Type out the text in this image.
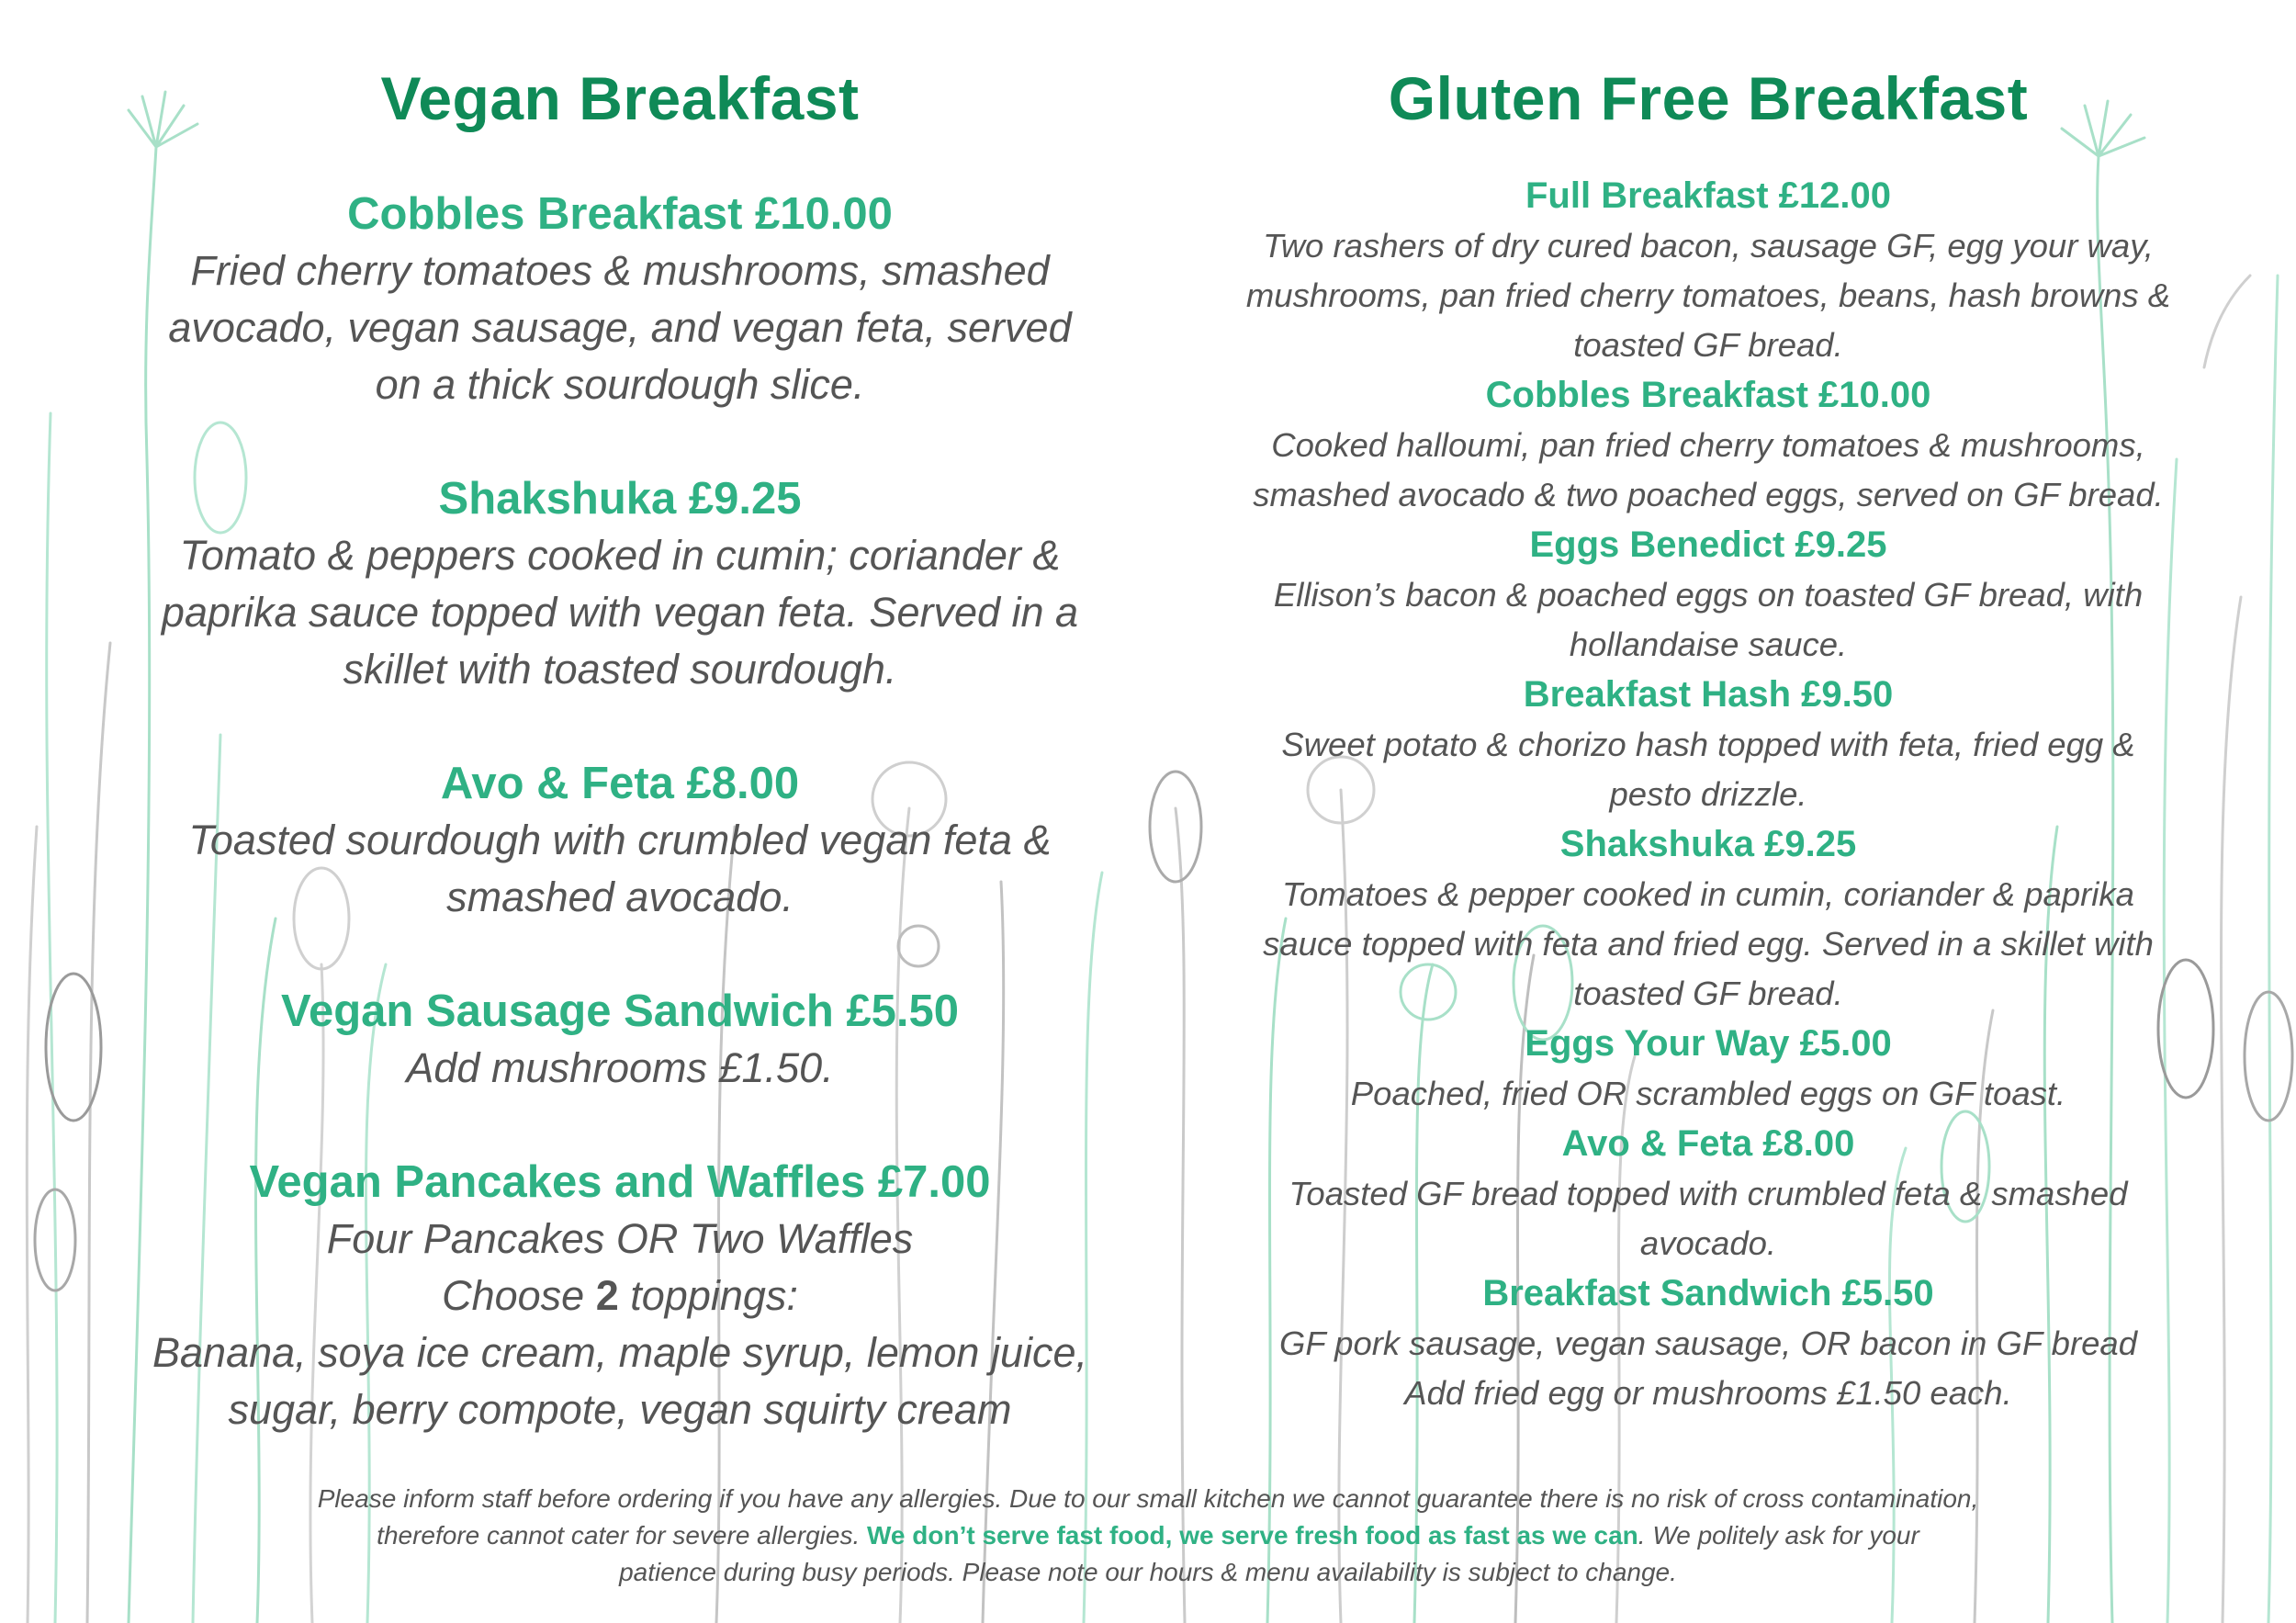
Vegan Breakfast

Cobbles Breakfast £10.00

Fried cherry tomatoes & mushrooms, smashed

avocado, vegan sausage, and vegan feta, served

on a thick sourdough slice.

Shakshuka £9.25

Tomato & peppers cooked in cumin; coriander &

paprika sauce topped with vegan feta. Served in a

skillet with toasted sourdough.

Avo & Feta £8.00

Toasted sourdough with crumbled vegan feta &

smashed avocado.

Vegan Sausage Sandwich £5.50

Add mushrooms £1.50.

Vegan Pancakes and Waffles £7.00

Four Pancakes OR Two Waffles

Choose 2 toppings:

Banana, soya ice cream, maple syrup, lemon juice,

sugar, berry compote, vegan squirty cream

Gluten Free Breakfast

Full Breakfast £12.00

Two rashers of dry cured bacon, sausage GF, egg your way,

mushrooms, pan fried cherry tomatoes, beans, hash browns &

toasted GF bread.

Cobbles Breakfast £10.00

Cooked halloumi, pan fried cherry tomatoes & mushrooms,

smashed avocado & two poached eggs, served on GF bread.

Eggs Benedict £9.25

Ellison’s bacon & poached eggs on toasted GF bread, with

hollandaise sauce.

Breakfast Hash £9.50

Sweet potato & chorizo hash topped with feta, fried egg &

pesto drizzle.

Shakshuka £9.25

Tomatoes & pepper cooked in cumin, coriander & paprika

sauce topped with feta and fried egg. Served in a skillet with

toasted GF bread.

Eggs Your Way £5.00

Poached, fried OR scrambled eggs on GF toast.

Avo & Feta £8.00

Toasted GF bread topped with crumbled feta & smashed

avocado.

Breakfast Sandwich £5.50

GF pork sausage, vegan sausage, OR bacon in GF bread

Add fried egg or mushrooms £1.50 each.

Please inform staff before ordering if you have any allergies. Due to our small kitchen we cannot guarantee there is no risk of cross contamination,
therefore cannot cater for severe allergies. We don’t serve fast food, we serve fresh food as fast as we can. We politely ask for your
patience during busy periods. Please note our hours & menu availability is subject to change.
